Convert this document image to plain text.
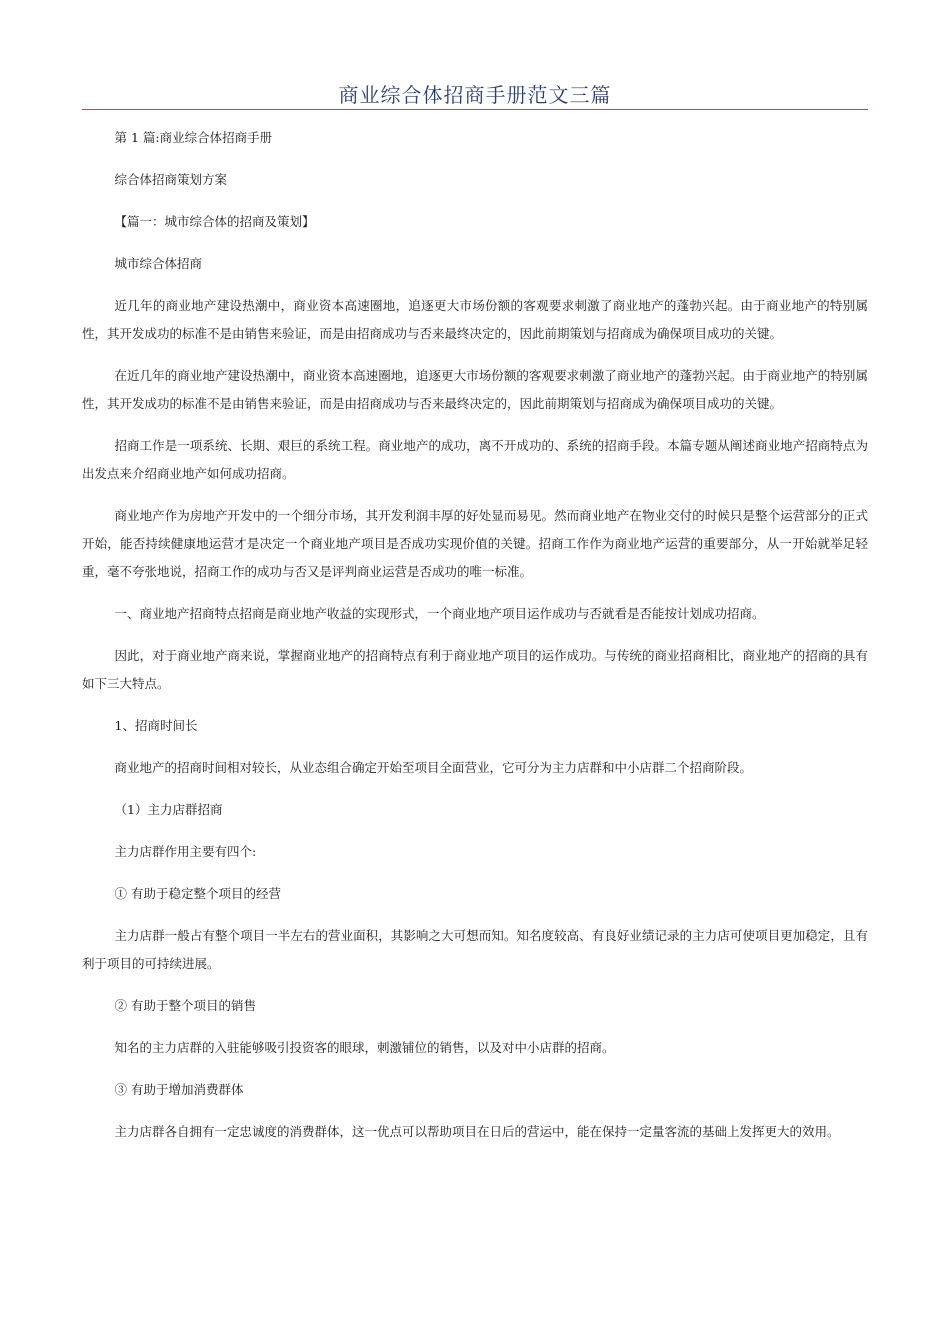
商业综合体招商手册范文三篇

第 1 篇:商业综合体招商手册

综合体招商策划方案

【篇一：城市综合体的招商及策划】

城市综合体招商

近几年的商业地产建设热潮中，商业资本高速圈地，追逐更大市场份额的客观要求刺激了商业地产的蓬勃兴起。由于商业地产的特别属性，其开发成功的标准不是由销售来验证，而是由招商成功与否来最终决定的，因此前期策划与招商成为确保项目成功的关键。

在近几年的商业地产建设热潮中，商业资本高速圈地，追逐更大市场份额的客观要求刺激了商业地产的蓬勃兴起。由于商业地产的特别属性，其开发成功的标准不是由销售来验证，而是由招商成功与否来最终决定的，因此前期策划与招商成为确保项目成功的关键。

招商工作是一项系统、长期、艰巨的系统工程。商业地产的成功，离不开成功的、系统的招商手段。本篇专题从阐述商业地产招商特点为出发点来介绍商业地产如何成功招商。

商业地产作为房地产开发中的一个细分市场，其开发利润丰厚的好处显而易见。然而商业地产在物业交付的时候只是整个运营部分的正式开始，能否持续健康地运营才是决定一个商业地产项目是否成功实现价值的关键。招商工作作为商业地产运营的重要部分，从一开始就举足轻重，毫不夸张地说，招商工作的成功与否又是评判商业运营是否成功的唯一标准。

一、商业地产招商特点招商是商业地产收益的实现形式，一个商业地产项目运作成功与否就看是否能按计划成功招商。

因此，对于商业地产商来说，掌握商业地产的招商特点有利于商业地产项目的运作成功。与传统的商业招商相比，商业地产的招商的具有如下三大特点。

1、招商时间长

商业地产的招商时间相对较长，从业态组合确定开始至项目全面营业，它可分为主力店群和中小店群二个招商阶段。

（1）主力店群招商

主力店群作用主要有四个:

① 有助于稳定整个项目的经营

主力店群一般占有整个项目一半左右的营业面积，其影响之大可想而知。知名度较高、有良好业绩记录的主力店可使项目更加稳定，且有利于项目的可持续进展。

② 有助于整个项目的销售

知名的主力店群的入驻能够吸引投资客的眼球，刺激铺位的销售，以及对中小店群的招商。

③ 有助于增加消费群体

主力店群各自拥有一定忠诚度的消费群体，这一优点可以帮助项目在日后的营运中，能在保持一定量客流的基础上发挥更大的效用。
